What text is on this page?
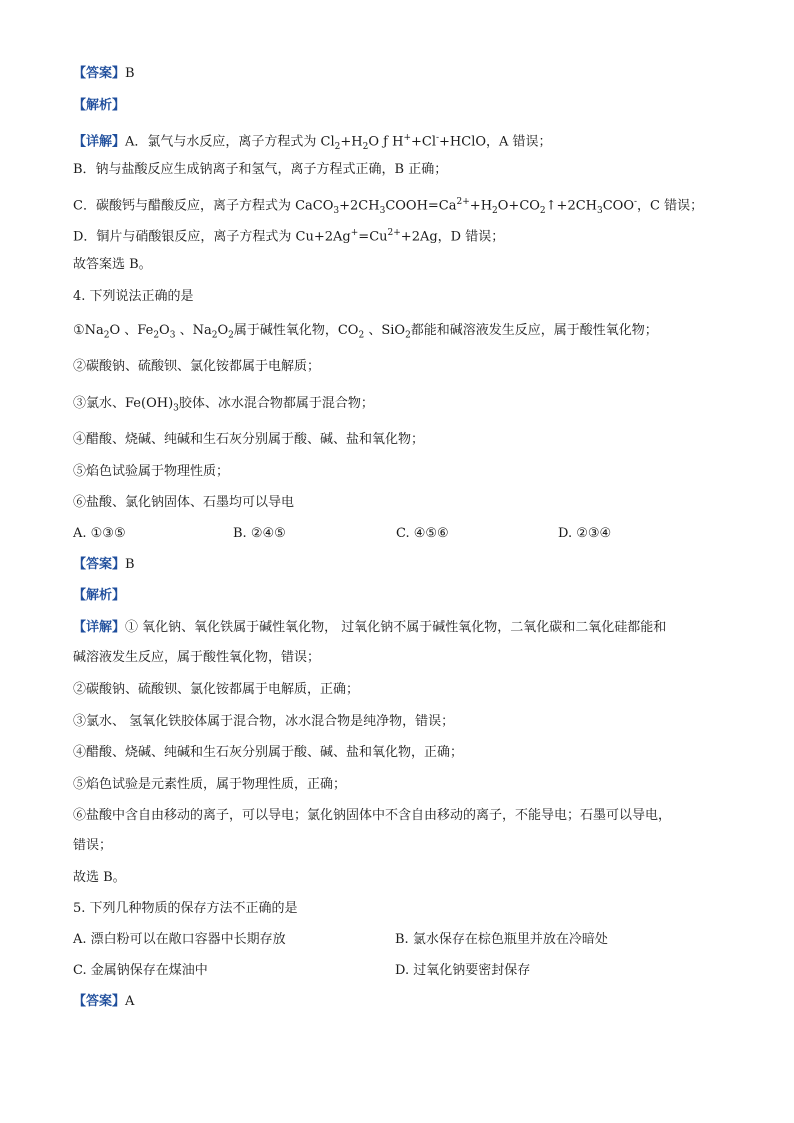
【答案】B
【解析】
【详解】A．氯气与水反应，离子方程式为 $Cl_2+H_2O$ ƒ H++Cl-+HClO，A 错误；
B．钠与盐酸反应生成钠离子和氢气，离子方程式正确，B 正确；
C．碳酸钙与醋酸反应，离子方程式为 $CaCO_3+2CH_3COOH=Ca^{2+}+H_2O+CO_2↑+2CH_3COO^-$，C 错误；
D．铜片与硝酸银反应，离子方程式为 $Cu+2Ag^+=Cu^{2+}+2Ag$，D 错误；
故答案选 B。
4. 下列说法正确的是
$①Na_2O$ 、$Fe_2O_3$ 、$Na_2O_2$属于碱性氧化物，$CO_2$ 、SiO$_2$都能和碱溶液发生反应，属于酸性氧化物；
②碳酸钠、硫酸钡、氯化铵都属于电解质；
③氯水、$Fe(OH)_3$胶体、冰水混合物都属于混合物；
④醋酸、烧碱、纯碱和生石灰分别属于酸、碱、盐和氧化物；
⑤焰色试验属于物理性质；
⑥盐酸、氯化钠固体、石墨均可以导电
A. ①③⑤	B. ②④⑤	C. ④⑤⑥	D. ②③④
【答案】B
【解析】
【详解】① 氧化钠、氧化铁属于碱性氧化物， 过氧化钠不属于碱性氧化物，二氧化碳和二氧化硅都能和
碱溶液发生反应，属于酸性氧化物，错误；
②碳酸钠、硫酸钡、氯化铵都属于电解质，正确；
③氯水、 氢氧化铁胶体属于混合物，冰水混合物是纯净物，错误；
④醋酸、烧碱、纯碱和生石灰分别属于酸、碱、盐和氧化物，正确；
⑤焰色试验是元素性质，属于物理性质，正确；
⑥盐酸中含自由移动的离子，可以导电；氯化钠固体中不含自由移动的离子，不能导电；石墨可以导电，
错误；
故选 B。
5. 下列几种物质的保存方法不正确的是
A. 漂白粉可以在敞口容器中长期存放	B. 氯水保存在棕色瓶里并放在冷暗处
C. 金属钠保存在煤油中	D. 过氧化钠要密封保存
【答案】A
